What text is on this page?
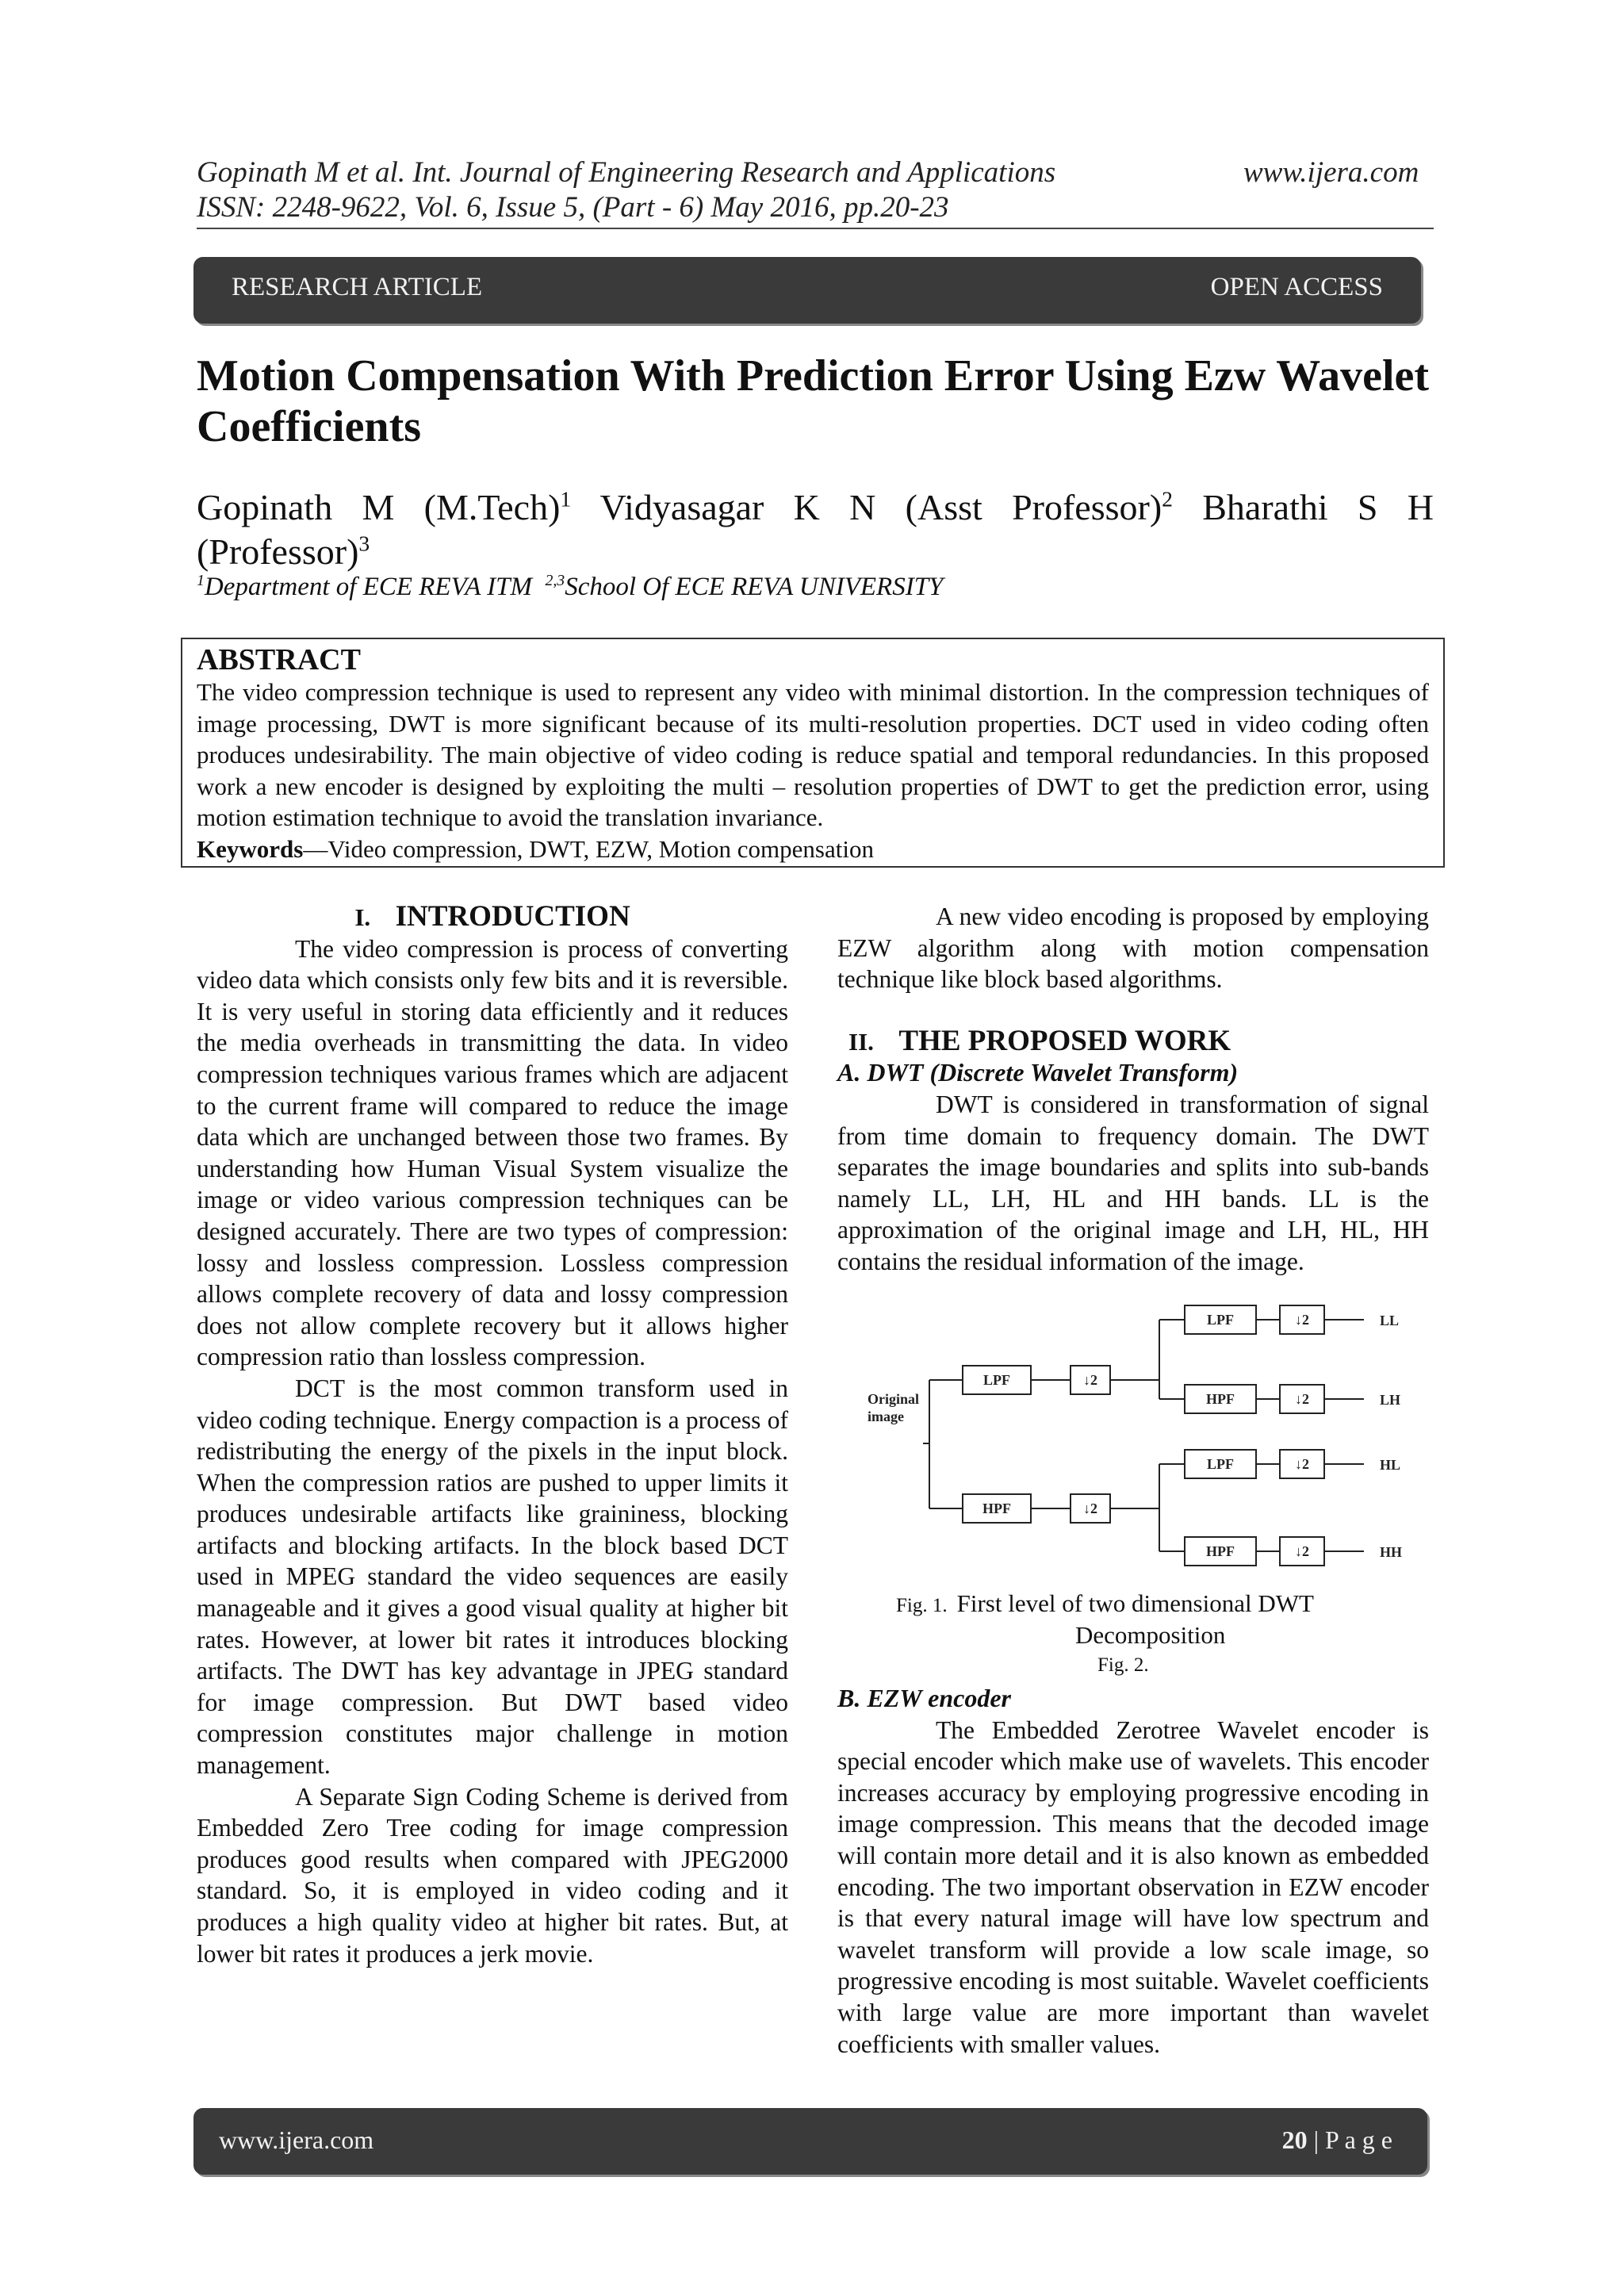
Gopinath M et al. Int. Journal of Engineering Research and Applications	www.ijera.com
ISSN: 2248-9622, Vol. 6, Issue 5, (Part - 6) May 2016, pp.20-23
RESEARCH ARTICLE	OPEN ACCESS
Motion Compensation With Prediction Error Using Ezw Wavelet Coefficients
Gopinath M (M.Tech)$^1$ Vidyasagar K N (Asst Professor)$^2$ Bharathi S H
(Professor)$^3$
$^1$Department of ECE REVA ITM $^{2,3}$School Of ECE REVA UNIVERSITY
ABSTRACT
The video compression technique is used to represent any video with minimal distortion. In the compression techniques of image processing, DWT is more significant because of its multi-resolution properties. DCT used in video coding often produces undesirability. The main objective of video coding is reduce spatial and temporal redundancies. In this proposed work a new encoder is designed by exploiting the multi – resolution properties of DWT to get the prediction error, using motion estimation technique to avoid the translation invariance.
Keywords—Video compression, DWT, EZW, Motion compensation
I. INTRODUCTION

The video compression is process of converting video data which consists only few bits and it is reversible. It is very useful in storing data efficiently and it reduces the media overheads in transmitting the data. In video compression techniques various frames which are adjacent to the current frame will compared to reduce the image data which are unchanged between those two frames. By understanding how Human Visual System visualize the image or video various compression techniques can be designed accurately. There are two types of compression: lossy and lossless compression. Lossless compression allows complete recovery of data and lossy compression does not allow complete recovery but it allows higher compression ratio than lossless compression.

DCT is the most common transform used in video coding technique. Energy compaction is a process of redistributing the energy of the pixels in the input block. When the compression ratios are pushed to upper limits it produces undesirable artifacts like graininess, blocking artifacts and blocking artifacts. In the block based DCT used in MPEG standard the video sequences are easily manageable and it gives a good visual quality at higher bit rates. However, at lower bit rates it introduces blocking artifacts. The DWT has key advantage in JPEG standard for image compression. But DWT based video compression constitutes major challenge in motion management.

A Separate Sign Coding Scheme is derived from Embedded Zero Tree coding for image compression produces good results when compared with JPEG2000 standard. So, it is employed in video coding and it produces a high quality video at higher bit rates. But, at lower bit rates it produces a jerk movie.

A new video encoding is proposed by employing EZW algorithm along with motion compensation technique like block based algorithms.

II. THE PROPOSED WORK
A. DWT (Discrete Wavelet Transform)

DWT is considered in transformation of signal from time domain to frequency domain. The DWT separates the image boundaries and splits into sub-bands namely LL, LH, HL and HH bands. LL is the approximation of the original image and LH, HL, HH contains the residual information of the image.

Original
image
LPF
HPF
↓2
↓2
LPF
HPF
LPF
HPF
↓2
↓2
↓2
↓2
LL
LH
HL
HH
Fig. 1. First level of two dimensional DWT
Decomposition
Fig. 2.
B. EZW encoder

The Embedded Zerotree Wavelet encoder is special encoder which make use of wavelets. This encoder increases accuracy by employing progressive encoding in image compression. This means that the decoded image will contain more detail and it is also known as embedded encoding. The two important observation in EZW encoder is that every natural image will have low spectrum and wavelet transform will provide a low scale image, so progressive encoding is most suitable. Wavelet coefficients with large value are more important than wavelet coefficients with smaller values.

www.ijera.com	20 | P a g e
